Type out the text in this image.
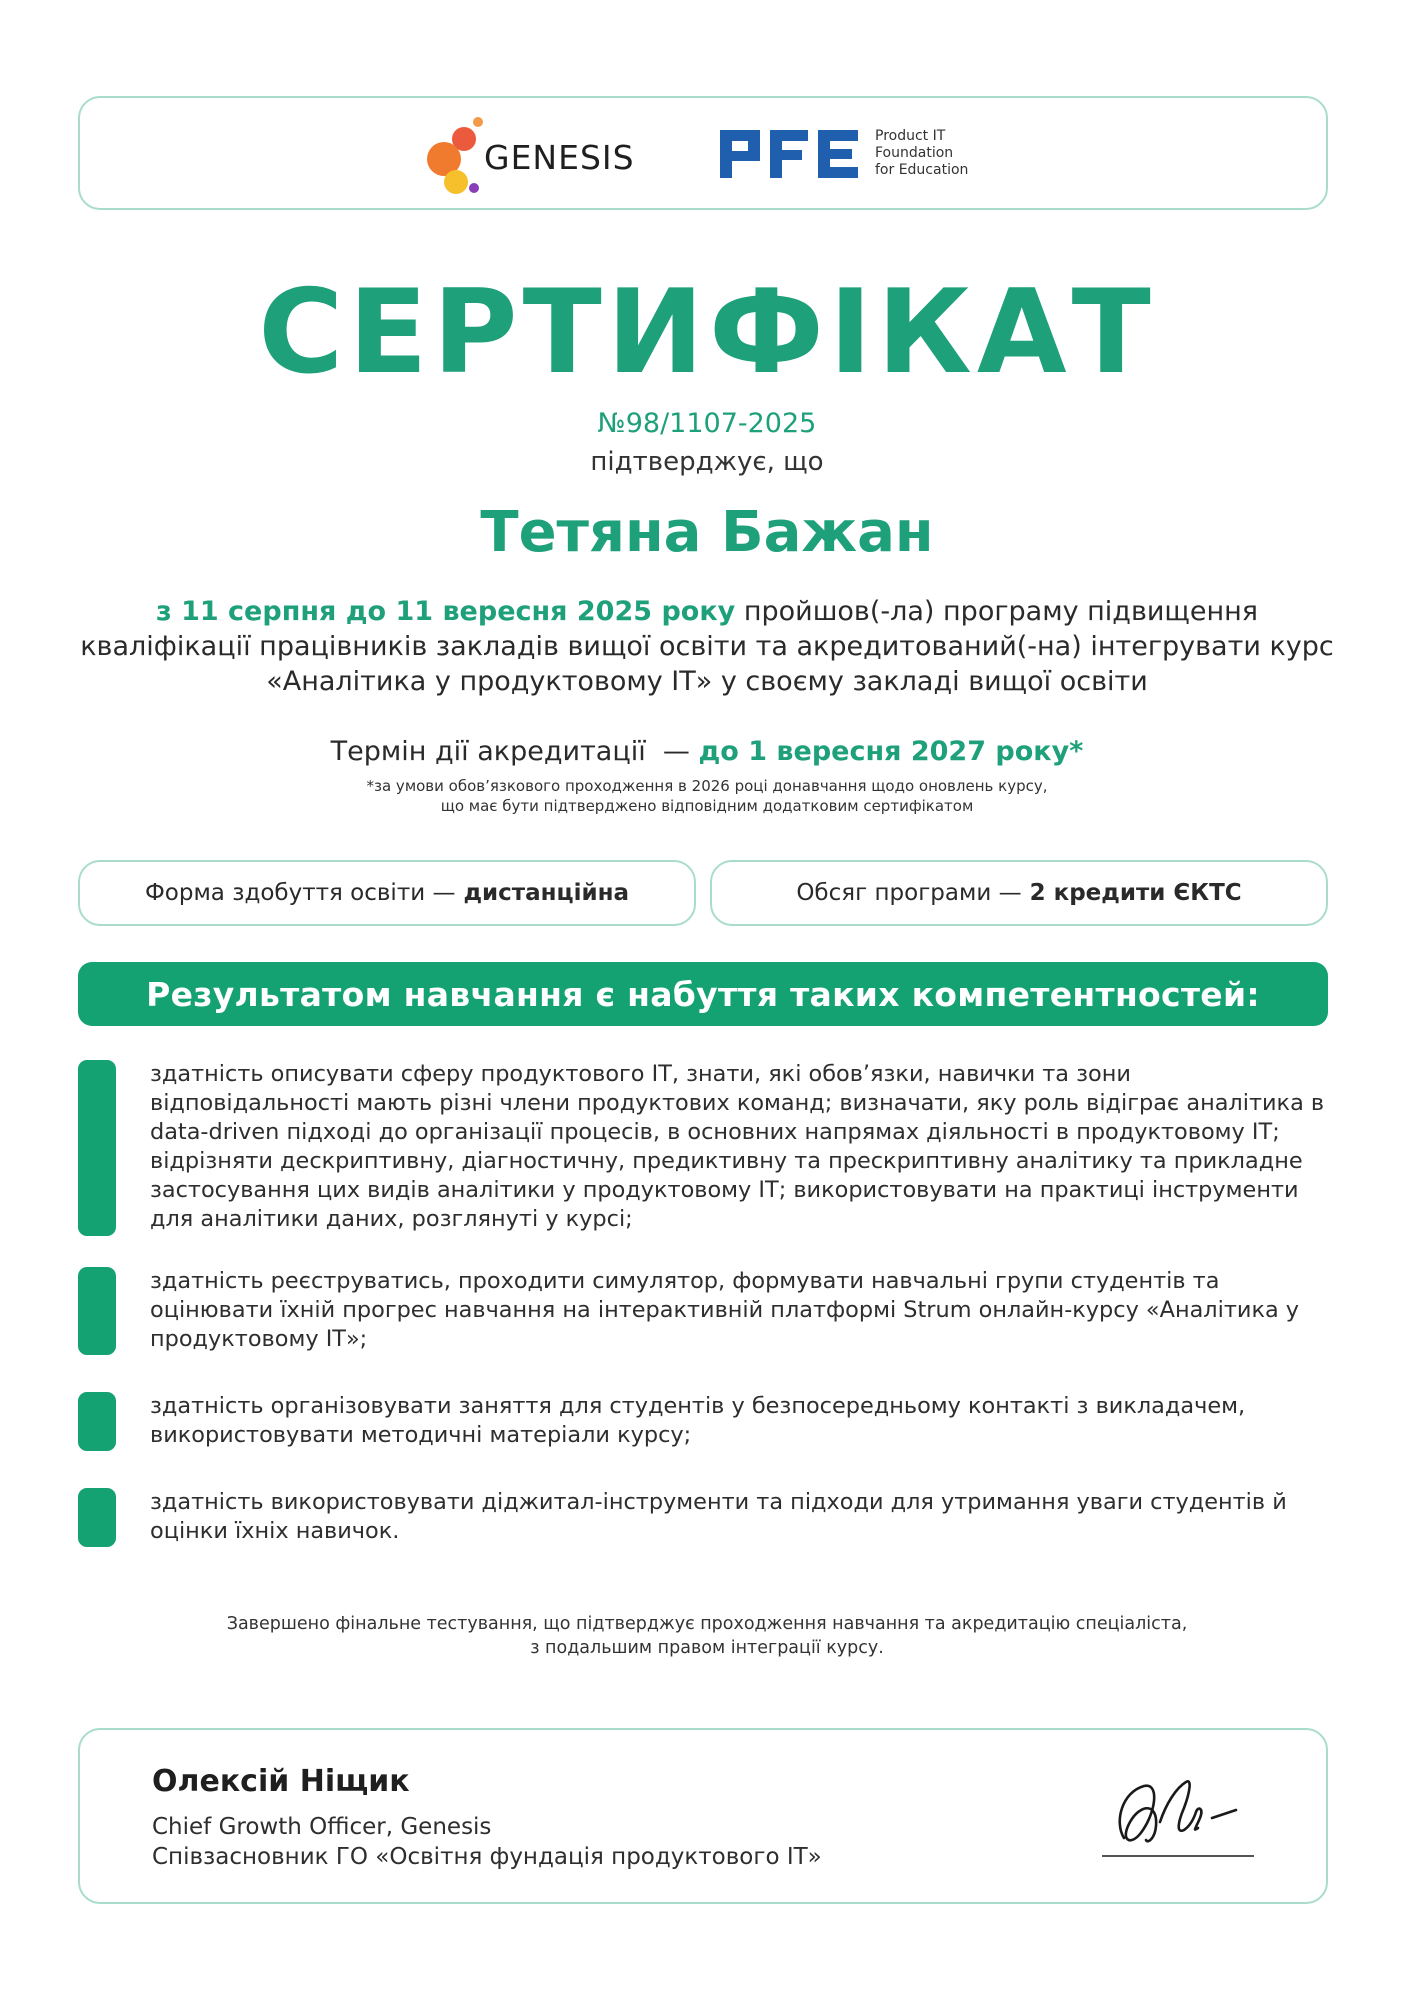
GENESIS
Product IT
Foundation
for Education
СЕРТИФІКАТ
№98/1107-2025
підтверджує, що
Тетяна Бажан
з 11 серпня до 11 вересня 2025 року пройшов(-ла) програму підвищення кваліфікації працівників закладів вищої освіти та акредитований(-на) інтегрувати курс «Аналітика у продуктовому ІТ» у своєму закладі вищої освіти
Термін дії акредитації  — до 1 вересня 2027 року*
*за умови обов’язкового проходження в 2026 році донавчання щодо оновлень курсу,
що має бути підтверджено відповідним додатковим сертифікатом
Форма здобуття освіти — дистанційна	Обсяг програми — 2 кредити ЄКТС
Результатом навчання є набуття таких компетентностей:
здатність описувати сферу продуктового ІТ, знати, які обов’язки, навички та зони відповідальності мають різні члени продуктових команд; визначати, яку роль відіграє аналітика в data-driven підході до організації процесів, в основних напрямах діяльності в продуктовому ІТ; відрізняти дескриптивну, діагностичну, предиктивну та прескриптивну аналітику та прикладне застосування цих видів аналітики у продуктовому ІТ; використовувати на практиці інструменти для аналітики даних, розглянуті у курсі;
здатність реєструватись, проходити симулятор, формувати навчальні групи студентів та оцінювати їхній прогрес навчання на інтерактивній платформі Strum онлайн-курсу «Аналітика у продуктовому ІТ»;
здатність організовувати заняття для студентів у безпосередньому контакті з викладачем, використовувати методичні матеріали курсу;
здатність використовувати діджитал-інструменти та підходи для утримання уваги студентів й оцінки їхніх навичок.
Завершено фінальне тестування, що підтверджує проходження навчання та акредитацію спеціаліста,
з подальшим правом інтеграції курсу.
Олексій Ніщик
Chief Growth Officer, Genesis
Співзасновник ГО «Освітня фундація продуктового ІТ»
